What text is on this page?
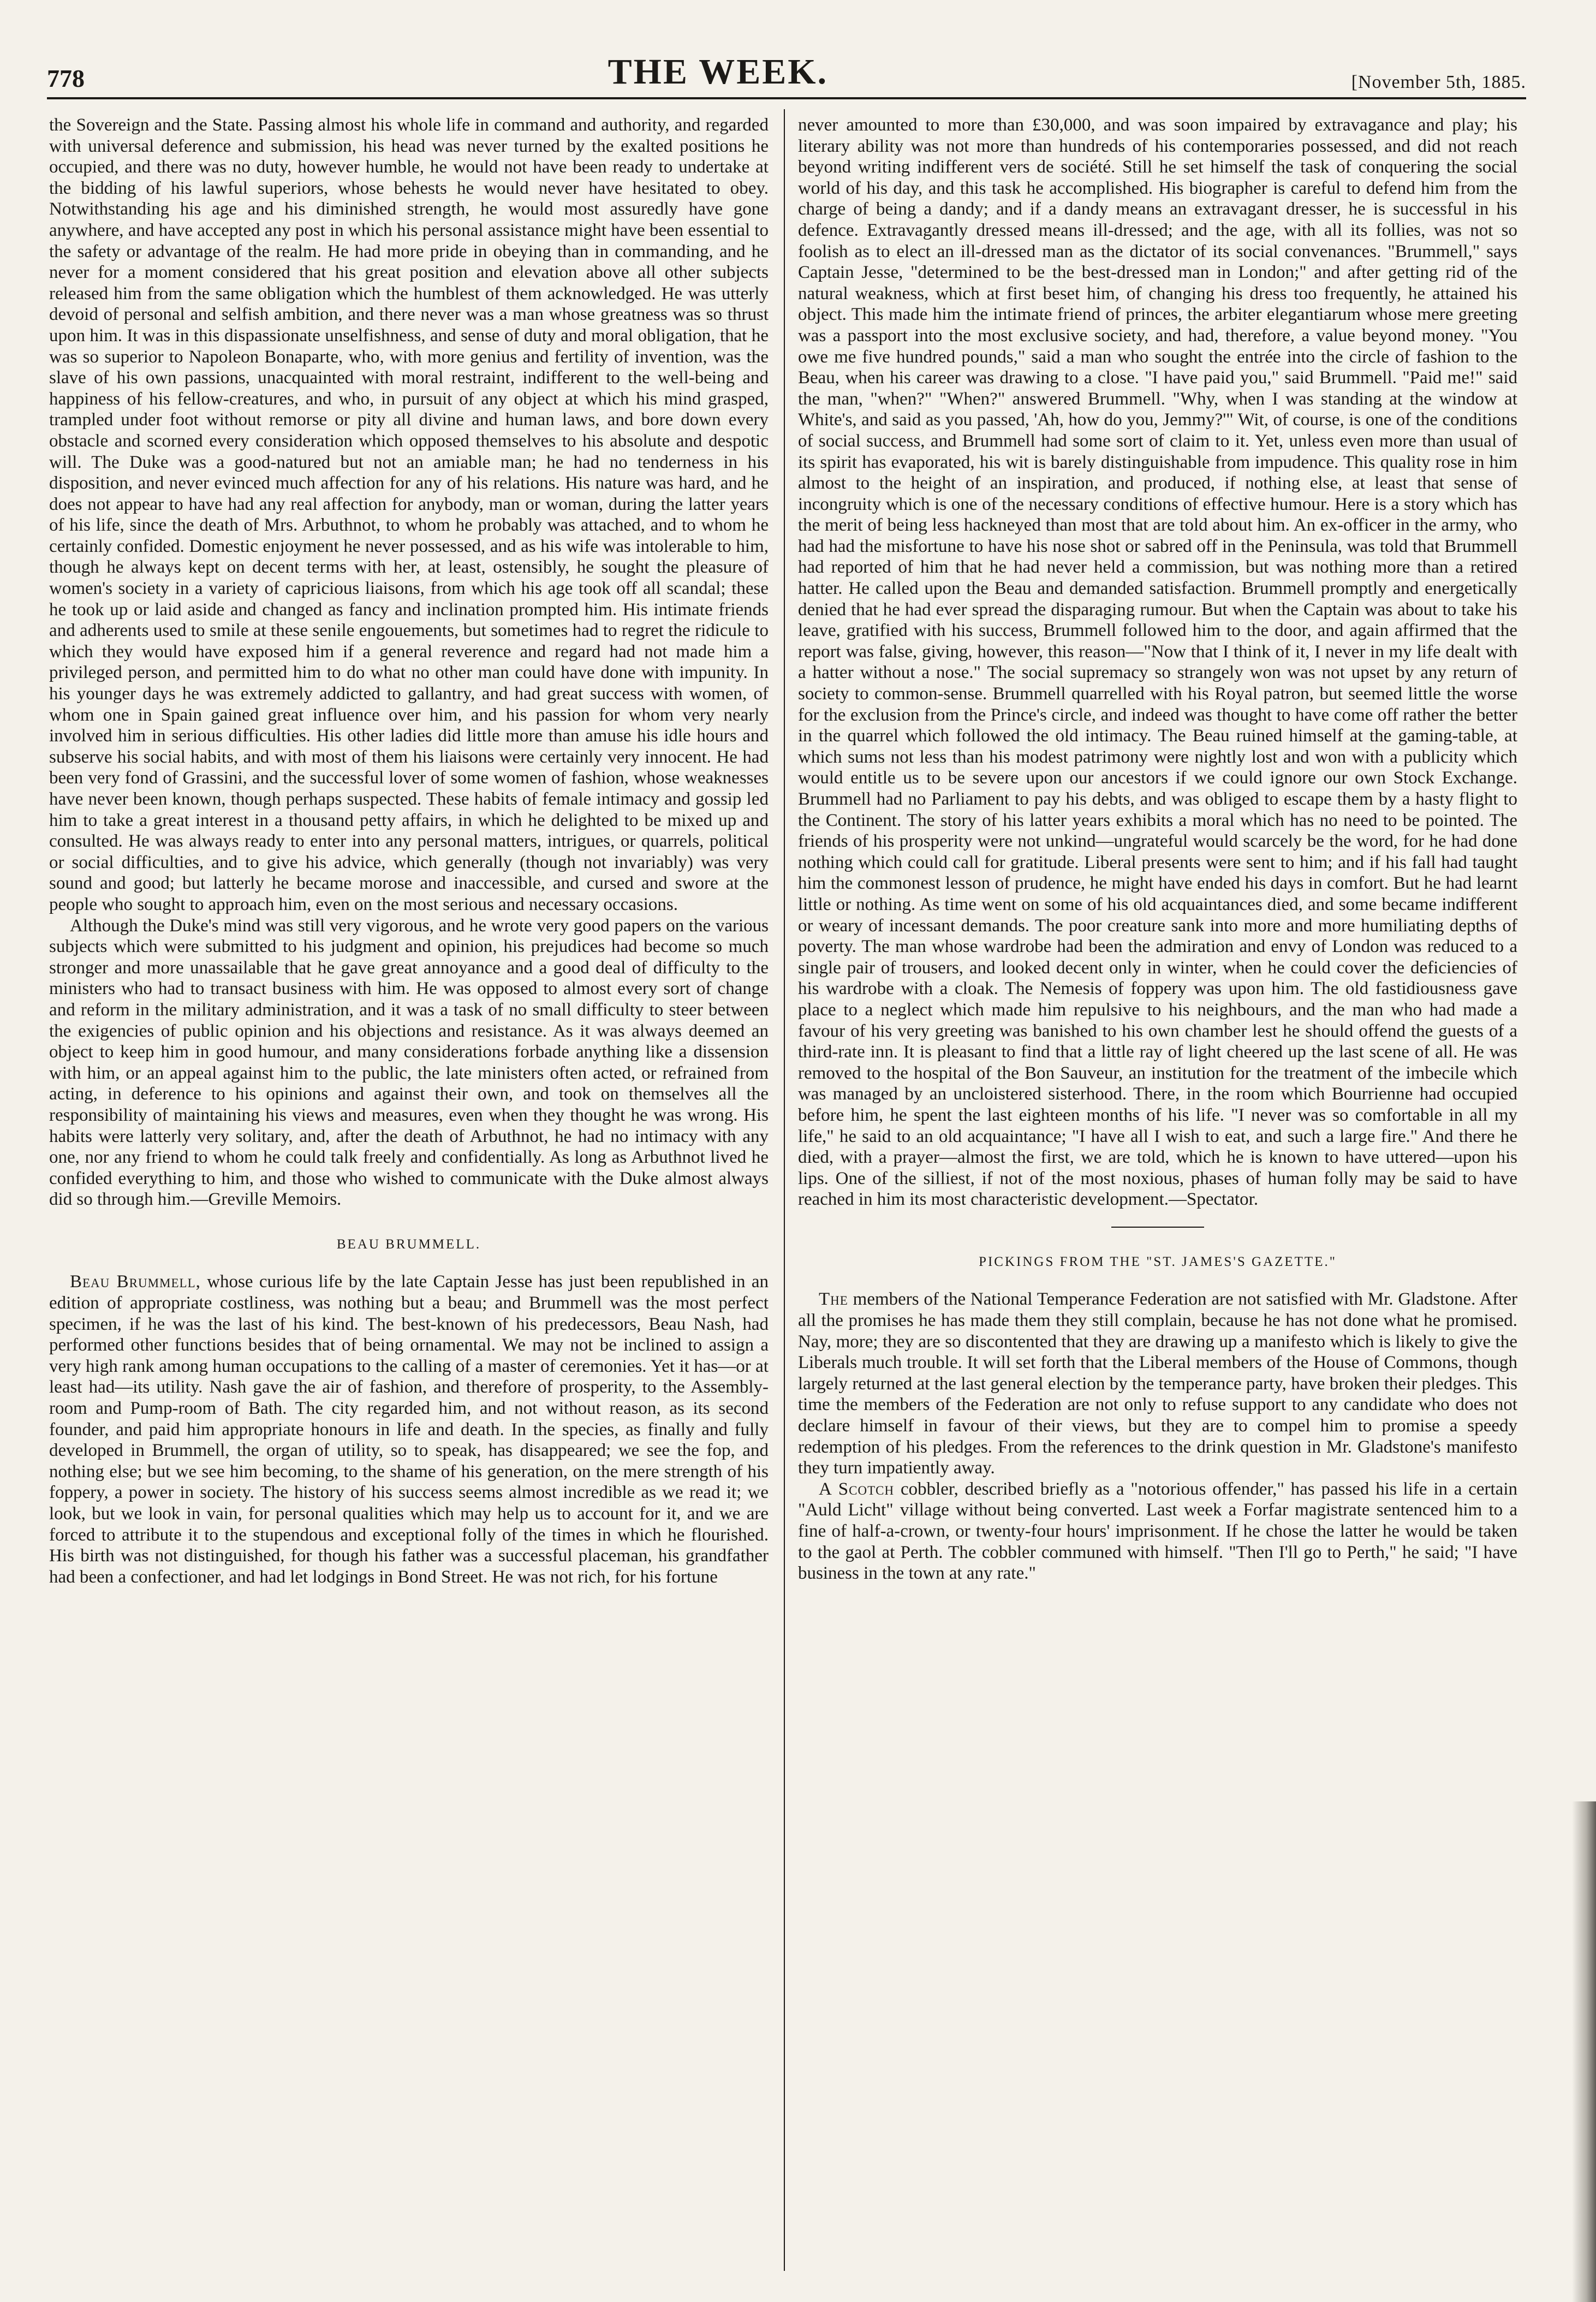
778	THE WEEK.	[November 5th, 1885.

the Sovereign and the State. Passing almost his whole life in command and authority, and regarded with universal deference and submission, his head was never turned by the exalted positions he occupied, and there was no duty, however humble, he would not have been ready to undertake at the bidding of his lawful superiors, whose behests he would never have hesitated to obey. Notwithstanding his age and his diminished strength, he would most assuredly have gone anywhere, and have accepted any post in which his personal assistance might have been essential to the safety or advantage of the realm. He had more pride in obeying than in commanding, and he never for a moment considered that his great position and elevation above all other subjects released him from the same obligation which the humblest of them acknowledged. He was utterly devoid of personal and selfish ambition, and there never was a man whose greatness was so thrust upon him. It was in this dispassionate unselfishness, and sense of duty and moral obligation, that he was so superior to Napoleon Bonaparte, who, with more genius and fertility of invention, was the slave of his own passions, unacquainted with moral restraint, indifferent to the well-being and happiness of his fellow-creatures, and who, in pursuit of any object at which his mind grasped, trampled under foot without remorse or pity all divine and human laws, and bore down every obstacle and scorned every consideration which opposed themselves to his absolute and despotic will. The Duke was a good-natured but not an amiable man; he had no tenderness in his disposition, and never evinced much affection for any of his relations. His nature was hard, and he does not appear to have had any real affection for anybody, man or woman, during the latter years of his life, since the death of Mrs. Arbuthnot, to whom he probably was attached, and to whom he certainly confided. Domestic enjoyment he never possessed, and as his wife was intolerable to him, though he always kept on decent terms with her, at least, ostensibly, he sought the pleasure of women's society in a variety of capricious liaisons, from which his age took off all scandal; these he took up or laid aside and changed as fancy and inclination prompted him. His intimate friends and adherents used to smile at these senile engouements, but sometimes had to regret the ridicule to which they would have exposed him if a general reverence and regard had not made him a privileged person, and permitted him to do what no other man could have done with impunity. In his younger days he was extremely addicted to gallantry, and had great success with women, of whom one in Spain gained great influence over him, and his passion for whom very nearly involved him in serious difficulties. His other ladies did little more than amuse his idle hours and subserve his social habits, and with most of them his liaisons were certainly very innocent. He had been very fond of Grassini, and the successful lover of some women of fashion, whose weaknesses have never been known, though perhaps suspected. These habits of female intimacy and gossip led him to take a great interest in a thousand petty affairs, in which he delighted to be mixed up and consulted. He was always ready to enter into any personal matters, intrigues, or quarrels, political or social difficulties, and to give his advice, which generally (though not invariably) was very sound and good; but latterly he became morose and inaccessible, and cursed and swore at the people who sought to approach him, even on the most serious and necessary occasions.

Although the Duke's mind was still very vigorous, and he wrote very good papers on the various subjects which were submitted to his judgment and opinion, his prejudices had become so much stronger and more unassailable that he gave great annoyance and a good deal of difficulty to the ministers who had to transact business with him. He was opposed to almost every sort of change and reform in the military administration, and it was a task of no small difficulty to steer between the exigencies of public opinion and his objections and resistance. As it was always deemed an object to keep him in good humour, and many considerations forbade anything like a dissension with him, or an appeal against him to the public, the late ministers often acted, or refrained from acting, in deference to his opinions and against their own, and took on themselves all the responsibility of maintaining his views and measures, even when they thought he was wrong. His habits were latterly very solitary, and, after the death of Arbuthnot, he had no intimacy with any one, nor any friend to whom he could talk freely and confidentially. As long as Arbuthnot lived he confided everything to him, and those who wished to communicate with the Duke almost always did so through him.—Greville Memoirs.

BEAU BRUMMELL.

Beau Brummell, whose curious life by the late Captain Jesse has just been republished in an edition of appropriate costliness, was nothing but a beau; and Brummell was the most perfect specimen, if he was the last of his kind. The best-known of his predecessors, Beau Nash, had performed other functions besides that of being ornamental. We may not be inclined to assign a very high rank among human occupations to the calling of a master of ceremonies. Yet it has—or at least had—its utility. Nash gave the air of fashion, and therefore of prosperity, to the Assembly-room and Pump-room of Bath. The city regarded him, and not without reason, as its second founder, and paid him appropriate honours in life and death. In the species, as finally and fully developed in Brummell, the organ of utility, so to speak, has disappeared; we see the fop, and nothing else; but we see him becoming, to the shame of his generation, on the mere strength of his foppery, a power in society. The history of his success seems almost incredible as we read it; we look, but we look in vain, for personal qualities which may help us to account for it, and we are forced to attribute it to the stupendous and exceptional folly of the times in which he flourished. His birth was not distinguished, for though his father was a successful placeman, his grandfather had been a confectioner, and had let lodgings in Bond Street. He was not rich, for his fortune

never amounted to more than £30,000, and was soon impaired by extravagance and play; his literary ability was not more than hundreds of his contemporaries possessed, and did not reach beyond writing indifferent vers de société. Still he set himself the task of conquering the social world of his day, and this task he accomplished. His biographer is careful to defend him from the charge of being a dandy; and if a dandy means an extravagant dresser, he is successful in his defence. Extravagantly dressed means ill-dressed; and the age, with all its follies, was not so foolish as to elect an ill-dressed man as the dictator of its social convenances. "Brummell," says Captain Jesse, "determined to be the best-dressed man in London;" and after getting rid of the natural weakness, which at first beset him, of changing his dress too frequently, he attained his object. This made him the intimate friend of princes, the arbiter elegantiarum whose mere greeting was a passport into the most exclusive society, and had, therefore, a value beyond money. "You owe me five hundred pounds," said a man who sought the entrée into the circle of fashion to the Beau, when his career was drawing to a close. "I have paid you," said Brummell. "Paid me!" said the man, "when?" "When?" answered Brummell. "Why, when I was standing at the window at White's, and said as you passed, 'Ah, how do you, Jemmy?'" Wit, of course, is one of the conditions of social success, and Brummell had some sort of claim to it. Yet, unless even more than usual of its spirit has evaporated, his wit is barely distinguishable from impudence. This quality rose in him almost to the height of an inspiration, and produced, if nothing else, at least that sense of incongruity which is one of the necessary conditions of effective humour. Here is a story which has the merit of being less hackneyed than most that are told about him. An ex-officer in the army, who had had the misfortune to have his nose shot or sabred off in the Peninsula, was told that Brummell had reported of him that he had never held a commission, but was nothing more than a retired hatter. He called upon the Beau and demanded satisfaction. Brummell promptly and energetically denied that he had ever spread the disparaging rumour. But when the Captain was about to take his leave, gratified with his success, Brummell followed him to the door, and again affirmed that the report was false, giving, however, this reason—"Now that I think of it, I never in my life dealt with a hatter without a nose." The social supremacy so strangely won was not upset by any return of society to common-sense. Brummell quarrelled with his Royal patron, but seemed little the worse for the exclusion from the Prince's circle, and indeed was thought to have come off rather the better in the quarrel which followed the old intimacy. The Beau ruined himself at the gaming-table, at which sums not less than his modest patrimony were nightly lost and won with a publicity which would entitle us to be severe upon our ancestors if we could ignore our own Stock Exchange. Brummell had no Parliament to pay his debts, and was obliged to escape them by a hasty flight to the Continent. The story of his latter years exhibits a moral which has no need to be pointed. The friends of his prosperity were not unkind—ungrateful would scarcely be the word, for he had done nothing which could call for gratitude. Liberal presents were sent to him; and if his fall had taught him the commonest lesson of prudence, he might have ended his days in comfort. But he had learnt little or nothing. As time went on some of his old acquaintances died, and some became indifferent or weary of incessant demands. The poor creature sank into more and more humiliating depths of poverty. The man whose wardrobe had been the admiration and envy of London was reduced to a single pair of trousers, and looked decent only in winter, when he could cover the deficiencies of his wardrobe with a cloak. The Nemesis of foppery was upon him. The old fastidiousness gave place to a neglect which made him repulsive to his neighbours, and the man who had made a favour of his very greeting was banished to his own chamber lest he should offend the guests of a third-rate inn. It is pleasant to find that a little ray of light cheered up the last scene of all. He was removed to the hospital of the Bon Sauveur, an institution for the treatment of the imbecile which was managed by an uncloistered sisterhood. There, in the room which Bourrienne had occupied before him, he spent the last eighteen months of his life. "I never was so comfortable in all my life," he said to an old acquaintance; "I have all I wish to eat, and such a large fire." And there he died, with a prayer—almost the first, we are told, which he is known to have uttered—upon his lips. One of the silliest, if not of the most noxious, phases of human folly may be said to have reached in him its most characteristic development.—Spectator.

PICKINGS FROM THE "ST. JAMES'S GAZETTE."

The members of the National Temperance Federation are not satisfied with Mr. Gladstone. After all the promises he has made them they still complain, because he has not done what he promised. Nay, more; they are so discontented that they are drawing up a manifesto which is likely to give the Liberals much trouble. It will set forth that the Liberal members of the House of Commons, though largely returned at the last general election by the temperance party, have broken their pledges. This time the members of the Federation are not only to refuse support to any candidate who does not declare himself in favour of their views, but they are to compel him to promise a speedy redemption of his pledges. From the references to the drink question in Mr. Gladstone's manifesto they turn impatiently away.

A Scotch cobbler, described briefly as a "notorious offender," has passed his life in a certain "Auld Licht" village without being converted. Last week a Forfar magistrate sentenced him to a fine of half-a-crown, or twenty-four hours' imprisonment. If he chose the latter he would be taken to the gaol at Perth. The cobbler communed with himself. "Then I'll go to Perth," he said; "I have business in the town at any rate."
